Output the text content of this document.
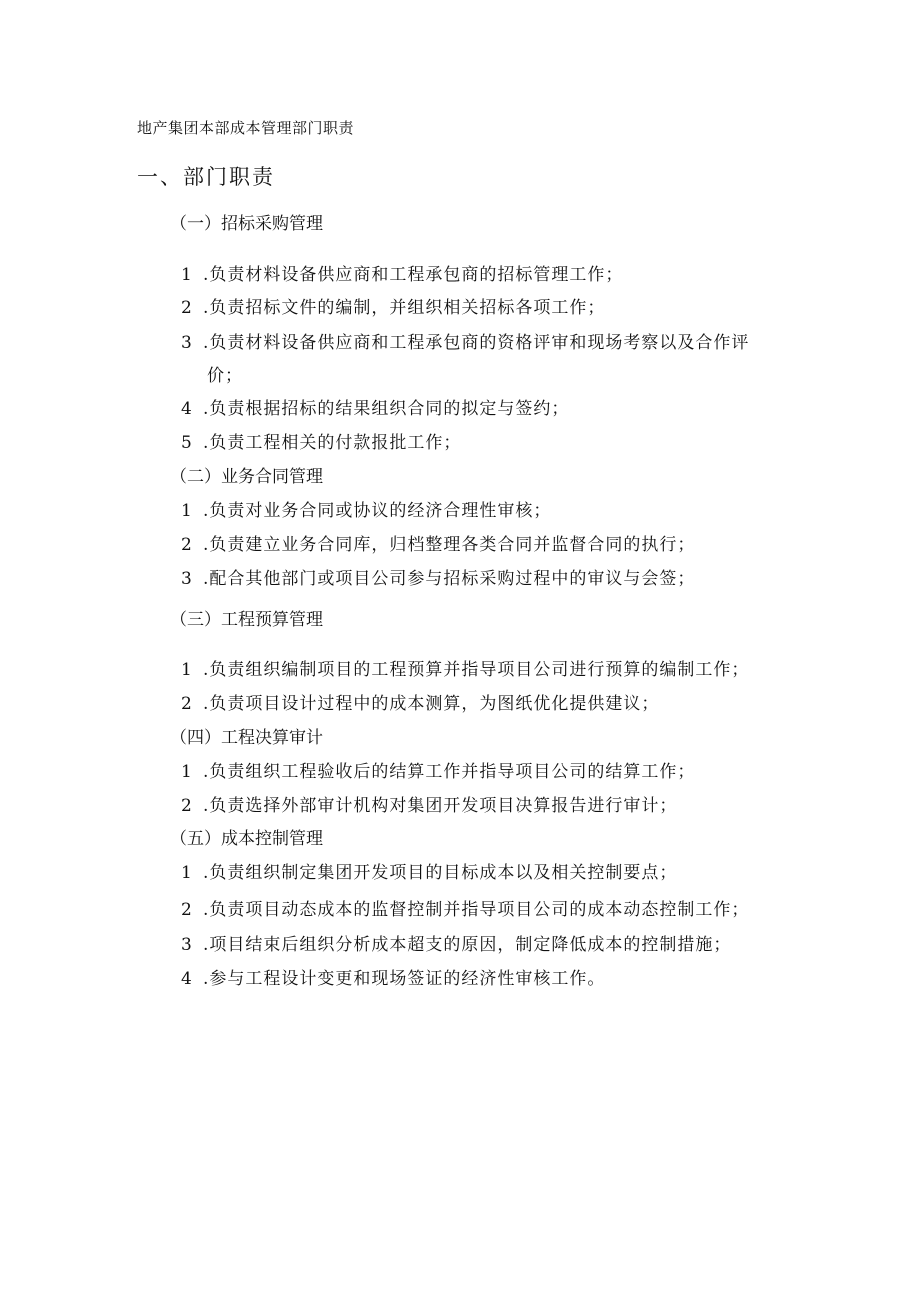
地产集团本部成本管理部门职责
一、部门职责
（一）招标采购管理
1 .负责材料设备供应商和工程承包商的招标管理工作；
2 .负责招标文件的编制，并组织相关招标各项工作；
3 .负责材料设备供应商和工程承包商的资格评审和现场考察以及合作评
价；
4 .负责根据招标的结果组织合同的拟定与签约；
5 .负责工程相关的付款报批工作；
（二）业务合同管理
1 .负责对业务合同或协议的经济合理性审核；
2 .负责建立业务合同库，归档整理各类合同并监督合同的执行；
3 .配合其他部门或项目公司参与招标采购过程中的审议与会签；
（三）工程预算管理
1 .负责组织编制项目的工程预算并指导项目公司进行预算的编制工作；
2 .负责项目设计过程中的成本测算，为图纸优化提供建议；
（四）工程决算审计
1 .负责组织工程验收后的结算工作并指导项目公司的结算工作；
2 .负责选择外部审计机构对集团开发项目决算报告进行审计；
（五）成本控制管理
1 .负责组织制定集团开发项目的目标成本以及相关控制要点；
2 .负责项目动态成本的监督控制并指导项目公司的成本动态控制工作；
3 .项目结束后组织分析成本超支的原因，制定降低成本的控制措施；
4 .参与工程设计变更和现场签证的经济性审核工作。
